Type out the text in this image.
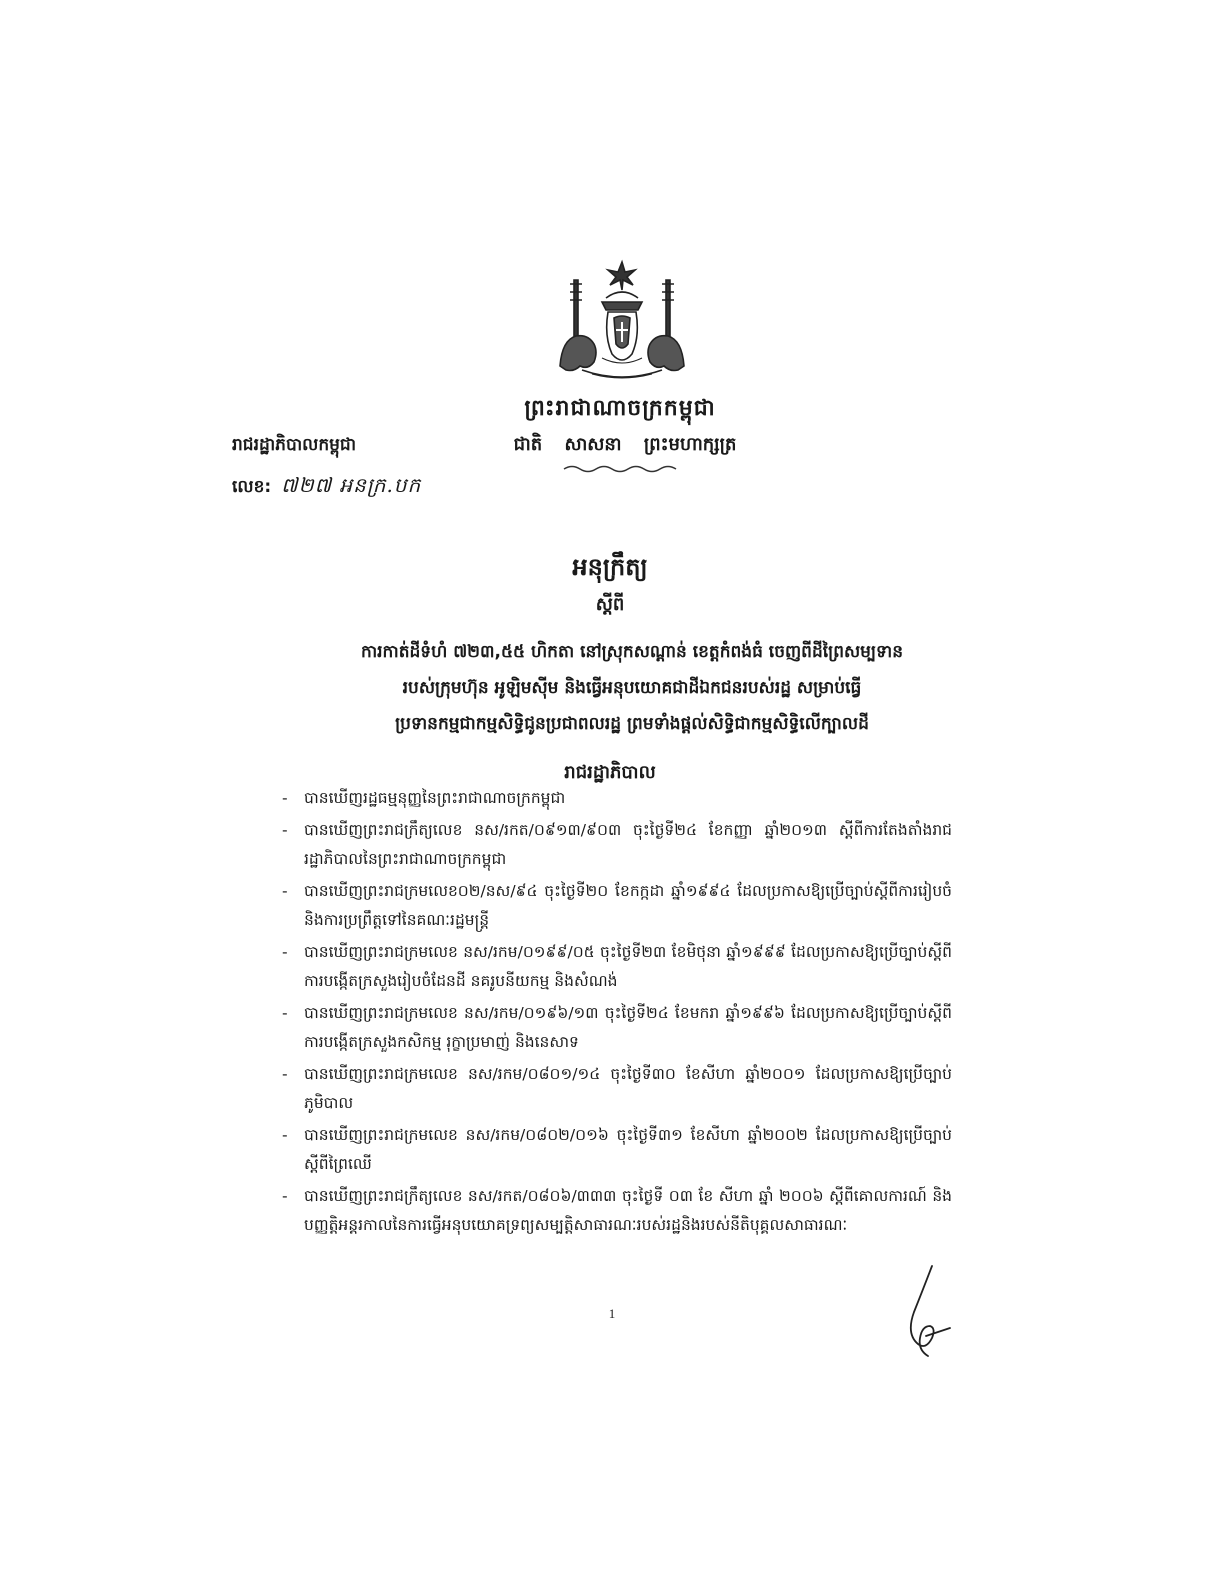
ព្រះរាជាណាចក្រកម្ពុជា
ជាតិ សាសនា ព្រះមហាក្សត្រ
រាជរដ្ឋាភិបាលកម្ពុជា
លេខ: ៧២៧ អនក្រ.បក
អនុក្រឹត្យ
ស្តីពី
ការកាត់ដីទំហំ ៧២៣,៥៥ ហិកតា នៅស្រុកសណ្តាន់ ខេត្តកំពង់ធំ ចេញពីដីព្រៃសម្បទាន
របស់ក្រុមហ៊ុន អូឡិមស៊ីម និងធ្វើអនុបយោគជាដីឯកជនរបស់រដ្ឋ សម្រាប់ធ្វើ
ប្រទានកម្មជាកម្មសិទ្ធិជូនប្រជាពលរដ្ឋ ព្រមទាំងផ្តល់សិទ្ធិជាកម្មសិទ្ធិលើក្បាលដី
រាជរដ្ឋាភិបាល
- បានឃើញរដ្ឋធម្មនុញ្ញនៃព្រះរាជាណាចក្រកម្ពុជា
- បានឃើញព្រះរាជក្រឹត្យលេខ នស/រកត/០៩១៣/៩០៣ ចុះថ្ងៃទី២៤ ខែកញ្ញា ឆ្នាំ២០១៣ ស្តីពីការតែងតាំងរាជរដ្ឋាភិបាលនៃព្រះរាជាណាចក្រកម្ពុជា
- បានឃើញព្រះរាជក្រមលេខ០២/នស/៩៤ ចុះថ្ងៃទី២០ ខែកក្កដា ឆ្នាំ១៩៩៤ ដែលប្រកាសឱ្យប្រើច្បាប់ស្តីពីការរៀបចំនិងការប្រព្រឹត្តទៅនៃគណៈរដ្ឋមន្ត្រី
- បានឃើញព្រះរាជក្រមលេខ នស/រកម/០១៩៩/០៥ ចុះថ្ងៃទី២៣ ខែមិថុនា ឆ្នាំ១៩៩៩ ដែលប្រកាសឱ្យប្រើច្បាប់ស្តីពីការបង្កើតក្រសួងរៀបចំដែនដី នគរូបនីយកម្ម និងសំណង់
- បានឃើញព្រះរាជក្រមលេខ នស/រកម/០១៩៦/១៣ ចុះថ្ងៃទី២៤ ខែមករា ឆ្នាំ១៩៩៦ ដែលប្រកាសឱ្យប្រើច្បាប់ស្តីពីការបង្កើតក្រសួងកសិកម្ម រុក្ខាប្រមាញ់ និងនេសាទ
- បានឃើញព្រះរាជក្រមលេខ នស/រកម/០៨០១/១៤ ចុះថ្ងៃទី៣០ ខែសីហា ឆ្នាំ២០០១ ដែលប្រកាសឱ្យប្រើច្បាប់ភូមិបាល
- បានឃើញព្រះរាជក្រមលេខ នស/រកម/០៨០២/០១៦ ចុះថ្ងៃទី៣១ ខែសីហា ឆ្នាំ២០០២ ដែលប្រកាសឱ្យប្រើច្បាប់ស្តីពីព្រៃឈើ
- បានឃើញព្រះរាជក្រឹត្យលេខ នស/រកត/០៨០៦/៣៣៣ ចុះថ្ងៃទី ០៣ ខែ សីហា ឆ្នាំ ២០០៦ ស្តីពីគោលការណ៍ និងបញ្ញត្តិអន្តរកាលនៃការធ្វើអនុបយោគទ្រព្យសម្បត្តិសាធារណៈរបស់រដ្ឋនិងរបស់នីតិបុគ្គលសាធារណៈ
1
